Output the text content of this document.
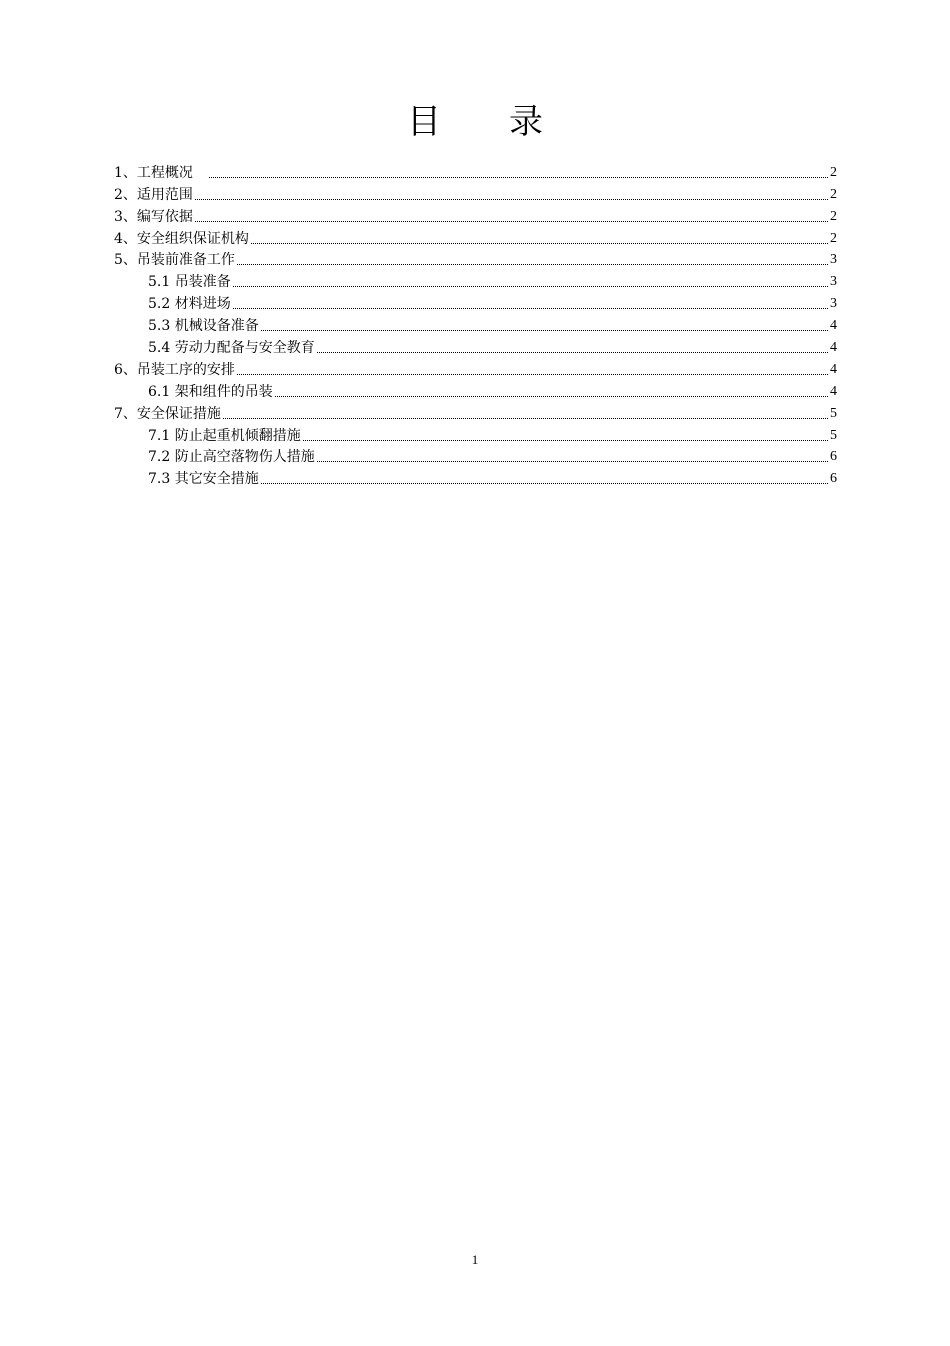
目　　录
1、工程概况　	2
2、适用范围	2
3、编写依据	2
4、安全组织保证机构	2
5、吊装前准备工作	3
5.1 吊装准备	3
5.2 材料进场	3
5.3 机械设备准备	4
5.4 劳动力配备与安全教育	4
6、吊装工序的安排	4
6.1 架和组件的吊装	4
7、安全保证措施	5
7.1 防止起重机倾翻措施	5
7.2 防止高空落物伤人措施	6
7.3 其它安全措施	6
1
